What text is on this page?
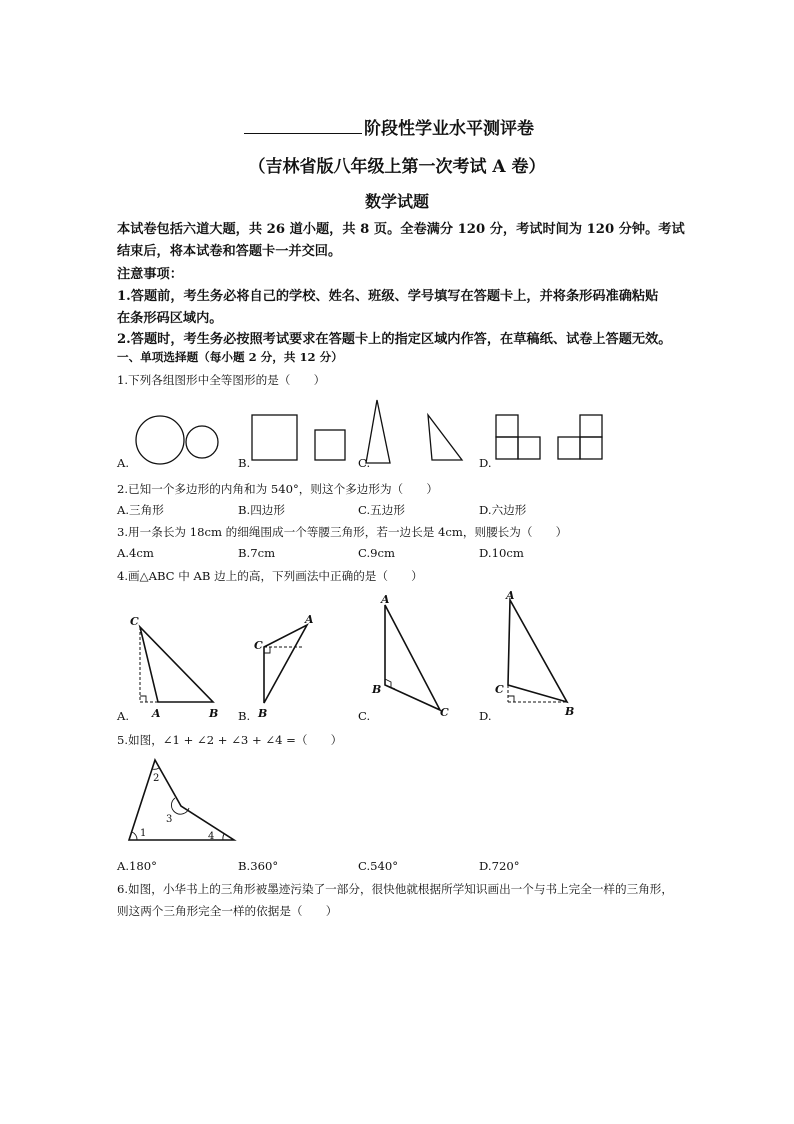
阶段性学业水平测评卷
（吉林省版八年级上第一次考试 A 卷）
数学试题
本试卷包括六道大题，共 26 道小题，共 8 页。全卷满分 120 分，考试时间为 120 分钟。考试
结束后，将本试卷和答题卡一并交回。
注意事项：
1.答题前，考生务必将自己的学校、姓名、班级、学号填写在答题卡上，并将条形码准确粘贴
在条形码区域内。
2.答题时，考生务必按照考试要求在答题卡上的指定区域内作答，在草稿纸、试卷上答题无效。
一、单项选择题（每小题 2 分，共 12 分）
1.下列各组图形中全等图形的是（　　）
A.	B.	C.	D.
2.已知一个多边形的内角和为 540°，则这个多边形为（　　）
A.三角形	B.四边形	C.五边形	D.六边形
3.用一条长为 18cm 的细绳围成一个等腰三角形，若一边长是 4cm，则腰长为（　　）
A.4cm	B.7cm	C.9cm	D.10cm
4.画△ABC 中 AB 边上的高，下列画法中正确的是（　　）
C
A	B
C
A
B
A
B
C
A
C
B
A.	B.	C.	D.
5.如图，∠1 + ∠2 + ∠3 + ∠4 =（　　）
1
2
3
4
A.180°	B.360°	C.540°	D.720°
6.如图，小华书上的三角形被墨迹污染了一部分，很快他就根据所学知识画出一个与书上完全一样的三角形，
则这两个三角形完全一样的依据是（　　）
